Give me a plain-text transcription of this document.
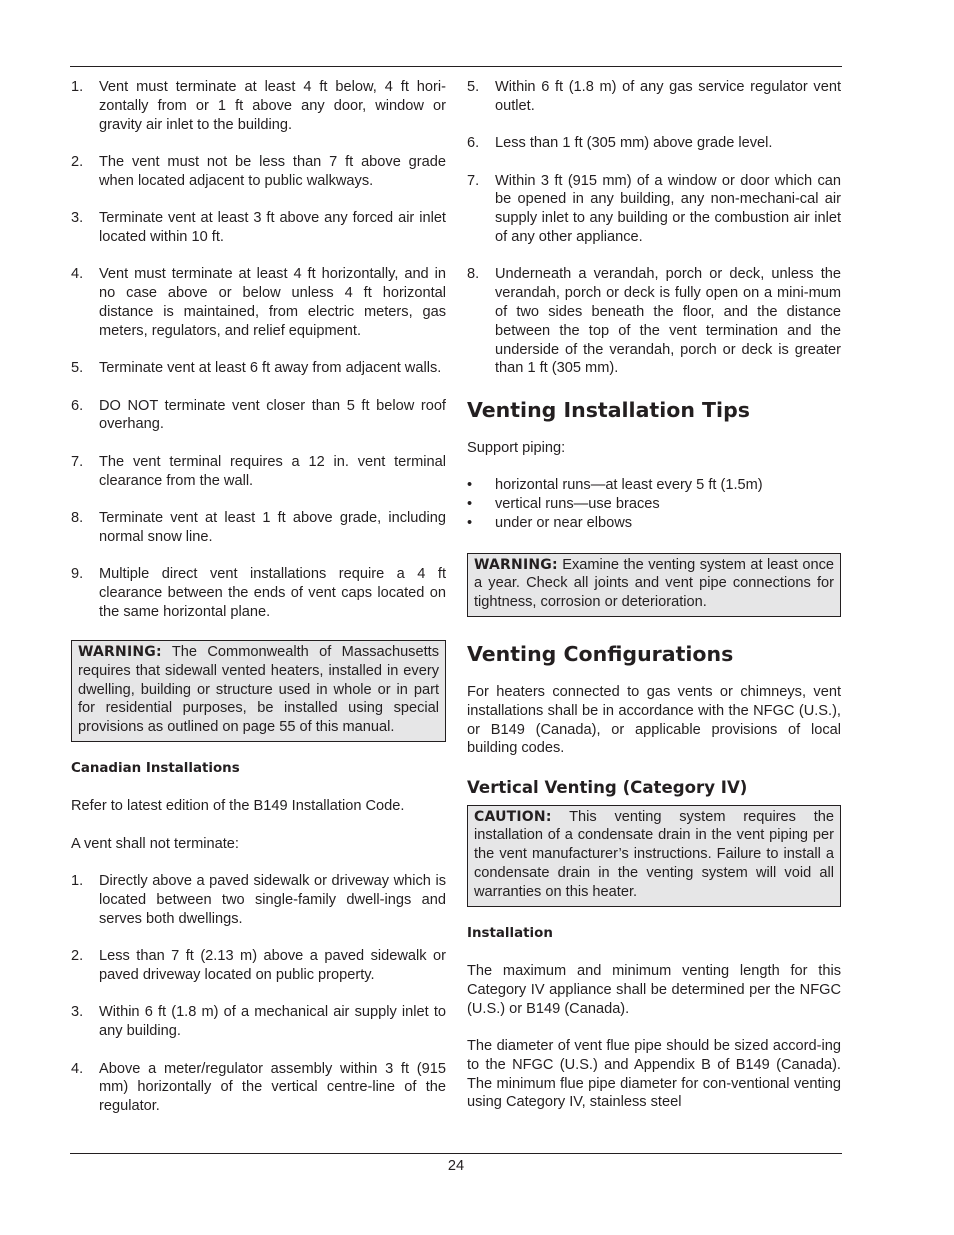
1.	Vent must terminate at least 4 ft below, 4 ft hori-zontally from or 1 ft above any door, window or gravity air inlet to the building.
2.	The vent must not be less than 7 ft above grade when located adjacent to public walkways.
3.	Terminate vent at least 3 ft above any forced air inlet located within 10 ft.
4.	Vent must terminate at least 4 ft horizontally, and in no case above or below unless 4 ft horizontal distance is maintained, from electric meters, gas meters, regulators, and relief equipment.
5.	Terminate vent at least 6 ft away from adjacent walls.
6.	DO NOT terminate vent closer than 5 ft below roof overhang.
7.	The vent terminal requires a 12 in. vent terminal clearance from the wall.
8.	Terminate vent at least 1 ft above grade, including normal snow line.
9.	Multiple direct vent installations require a 4 ft clearance between the ends of vent caps located on the same horizontal plane.
WARNING: The Commonwealth of Massachusetts requires that sidewall vented heaters, installed in every dwelling, building or structure used in whole or in part for residential purposes, be installed using special provisions as outlined on page 55 of this manual.
Canadian Installations
Refer to latest edition of the B149 Installation Code.
A vent shall not terminate:
1.	Directly above a paved sidewalk or driveway which is located between two single-family dwell-ings and serves both dwellings.
2.	Less than 7 ft (2.13 m) above a paved sidewalk or paved driveway located on public property.
3.	Within 6 ft (1.8 m) of a mechanical air supply inlet to any building.
4.	Above a meter/regulator assembly within 3 ft (915 mm) horizontally of the vertical centre-line of the regulator.
5.	Within 6 ft (1.8 m) of any gas service regulator vent outlet.
6.	Less than 1 ft (305 mm) above grade level.
7.	Within 3 ft (915 mm) of a window or door which can be opened in any building, any non-mechani-cal air supply inlet to any building or the combustion air inlet of any other appliance.
8.	Underneath a verandah, porch or deck, unless the verandah, porch or deck is fully open on a mini-mum of two sides beneath the floor, and the distance between the top of the vent termination and the underside of the verandah, porch or deck is greater than 1 ft (305 mm).
Venting Installation Tips
Support piping:
•	horizontal runs—at least every 5 ft (1.5m)
•	vertical runs—use braces
•	under or near elbows
WARNING: Examine the venting system at least once a year. Check all joints and vent pipe connections for tightness, corrosion or deterioration.
Venting Configurations
For heaters connected to gas vents or chimneys, vent installations shall be in accordance with the NFGC (U.S.), or B149 (Canada), or applicable provisions of local building codes.
Vertical Venting (Category IV)
CAUTION: This venting system requires the installation of a condensate drain in the vent piping per the vent manufacturer’s instructions. Failure to install a condensate drain in the venting system will void all warranties on this heater.
Installation
The maximum and minimum venting length for this Category IV appliance shall be determined per the NFGC (U.S.) or B149 (Canada).
The diameter of vent flue pipe should be sized accord-ing to the NFGC (U.S.) and Appendix B of B149 (Canada). The minimum flue pipe diameter for con-ventional venting using Category IV, stainless steel
24
